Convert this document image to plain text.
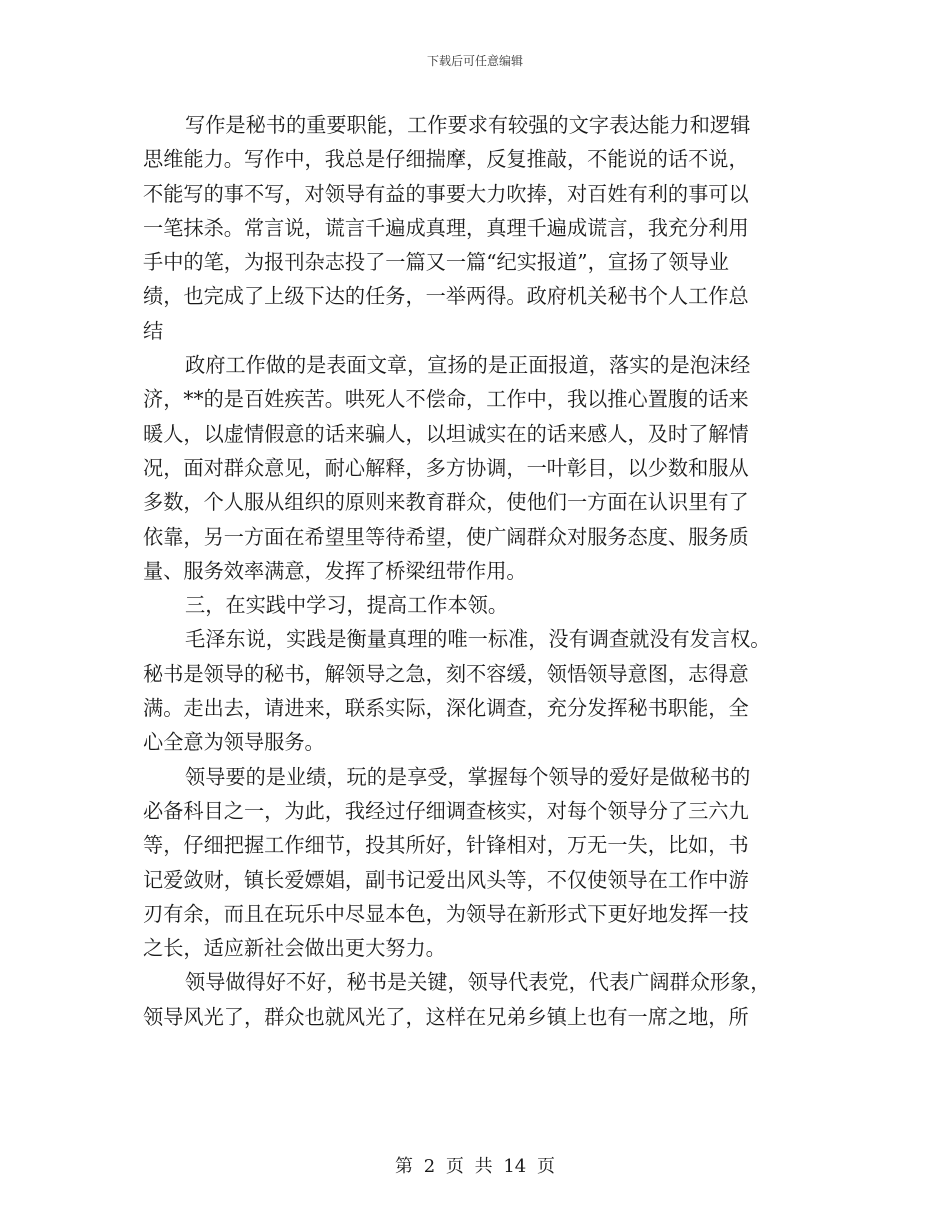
下载后可任意编辑
写作是秘书的重要职能，工作要求有较强的文字表达能力和逻辑
思维能力。写作中，我总是仔细揣摩，反复推敲，不能说的话不说，
不能写的事不写，对领导有益的事要大力吹捧，对百姓有利的事可以
一笔抹杀。常言说，谎言千遍成真理，真理千遍成谎言，我充分利用
手中的笔，为报刊杂志投了一篇又一篇“纪实报道”，宣扬了领导业
绩，也完成了上级下达的任务，一举两得。政府机关秘书个人工作总
结
政府工作做的是表面文章，宣扬的是正面报道，落实的是泡沫经
济，**的是百姓疾苦。哄死人不偿命，工作中，我以推心置腹的话来
暖人，以虚情假意的话来骗人，以坦诚实在的话来感人，及时了解情
况，面对群众意见，耐心解释，多方协调，一叶彰目，以少数和服从
多数，个人服从组织的原则来教育群众，使他们一方面在认识里有了
依靠，另一方面在希望里等待希望，使广阔群众对服务态度、服务质
量、服务效率满意，发挥了桥梁纽带作用。
三，在实践中学习，提高工作本领。
毛泽东说，实践是衡量真理的唯一标准，没有调查就没有发言权。
秘书是领导的秘书，解领导之急，刻不容缓，领悟领导意图，志得意
满。走出去，请进来，联系实际，深化调查，充分发挥秘书职能，全
心全意为领导服务。
领导要的是业绩，玩的是享受，掌握每个领导的爱好是做秘书的
必备科目之一，为此，我经过仔细调查核实，对每个领导分了三六九
等，仔细把握工作细节，投其所好，针锋相对，万无一失，比如，书
记爱敛财，镇长爱嫖娼，副书记爱出风头等，不仅使领导在工作中游
刃有余，而且在玩乐中尽显本色，为领导在新形式下更好地发挥一技
之长，适应新社会做出更大努力。
领导做得好不好，秘书是关键，领导代表党，代表广阔群众形象，
领导风光了，群众也就风光了，这样在兄弟乡镇上也有一席之地，所
第 2 页 共 14 页
